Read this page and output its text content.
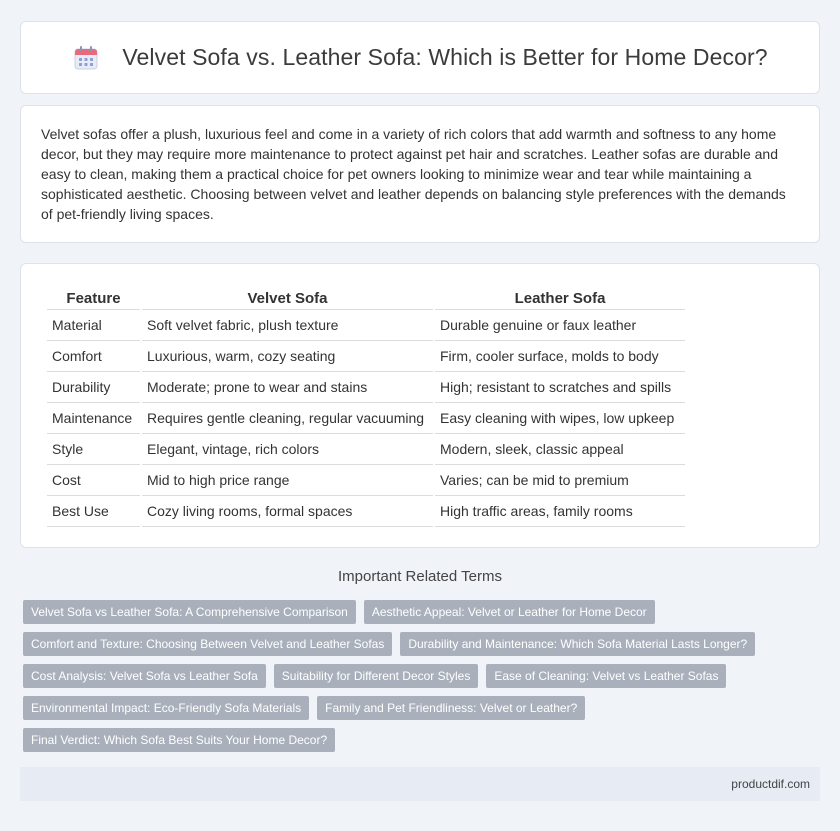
Velvet Sofa vs. Leather Sofa: Which is Better for Home Decor?

Velvet sofas offer a plush, luxurious feel and come in a variety of rich colors that add warmth and softness to any home decor, but they may require more maintenance to protect against pet hair and scratches. Leather sofas are durable and easy to clean, making them a practical choice for pet owners looking to minimize wear and tear while maintaining a sophisticated aesthetic. Choosing between velvet and leather depends on balancing style preferences with the demands of pet-friendly living spaces.

Feature	Velvet Sofa	Leather Sofa
Material	Soft velvet fabric, plush texture	Durable genuine or faux leather
Comfort	Luxurious, warm, cozy seating	Firm, cooler surface, molds to body
Durability	Moderate; prone to wear and stains	High; resistant to scratches and spills
Maintenance	Requires gentle cleaning, regular vacuuming	Easy cleaning with wipes, low upkeep
Style	Elegant, vintage, rich colors	Modern, sleek, classic appeal
Cost	Mid to high price range	Varies; can be mid to premium
Best Use	Cozy living rooms, formal spaces	High traffic areas, family rooms
Important Related Terms
Velvet Sofa vs Leather Sofa: A Comprehensive Comparison	Aesthetic Appeal: Velvet or Leather for Home Decor
Comfort and Texture: Choosing Between Velvet and Leather Sofas	Durability and Maintenance: Which Sofa Material Lasts Longer?
Cost Analysis: Velvet Sofa vs Leather Sofa	Suitability for Different Decor Styles	Ease of Cleaning: Velvet vs Leather Sofas
Environmental Impact: Eco-Friendly Sofa Materials	Family and Pet Friendliness: Velvet or Leather?
Final Verdict: Which Sofa Best Suits Your Home Decor?
productdif.com
